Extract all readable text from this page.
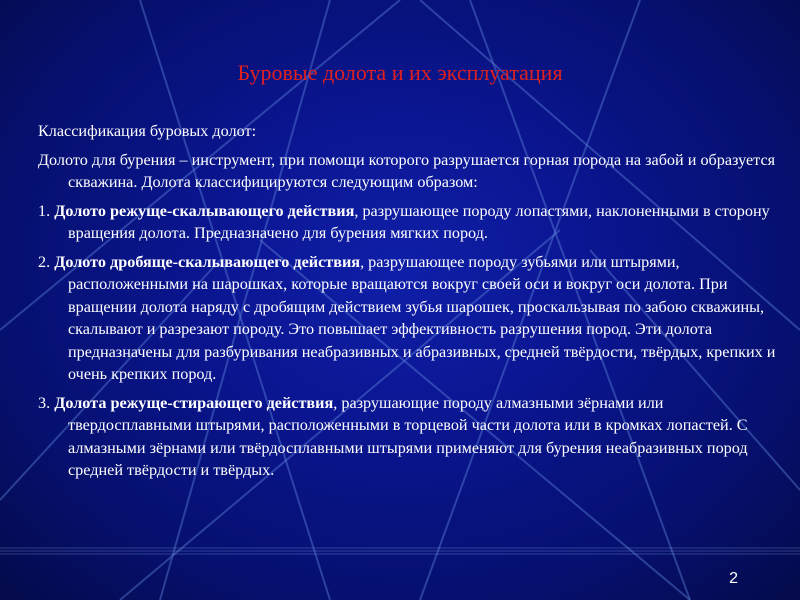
Буровые долота и их эксплуатация

Классификация буровых долот:

Долото для бурения – инструмент, при помощи которого разрушается горная порода на забой и образуется скважина. Долота классифицируются следующим образом:

1. Долото режуще-скалывающего действия, разрушающее породу лопастями, наклоненными в сторону вращения долота. Предназначено для бурения мягких пород.

2. Долото дробяще-скалывающего действия, разрушающее породу зубьями или штырями, расположенными на шарошках, которые вращаются вокруг своей оси и вокруг оси долота. При вращении долота наряду с дробящим действием зубья шарошек, проскальзывая по забою скважины, скалывают и разрезают породу. Это повышает эффективность разрушения пород. Эти долота предназначены для разбуривания неабразивных и абразивных, средней твёрдости, твёрдых, крепких и очень крепких пород.

3. Долота режуще-стирающего действия, разрушающие породу алмазными зёрнами или твердосплавными штырями, расположенными в торцевой части долота или в кромках лопастей. С алмазными зёрнами или твёрдосплавными штырями применяют для бурения неабразивных пород средней твёрдости и твёрдых.

2
